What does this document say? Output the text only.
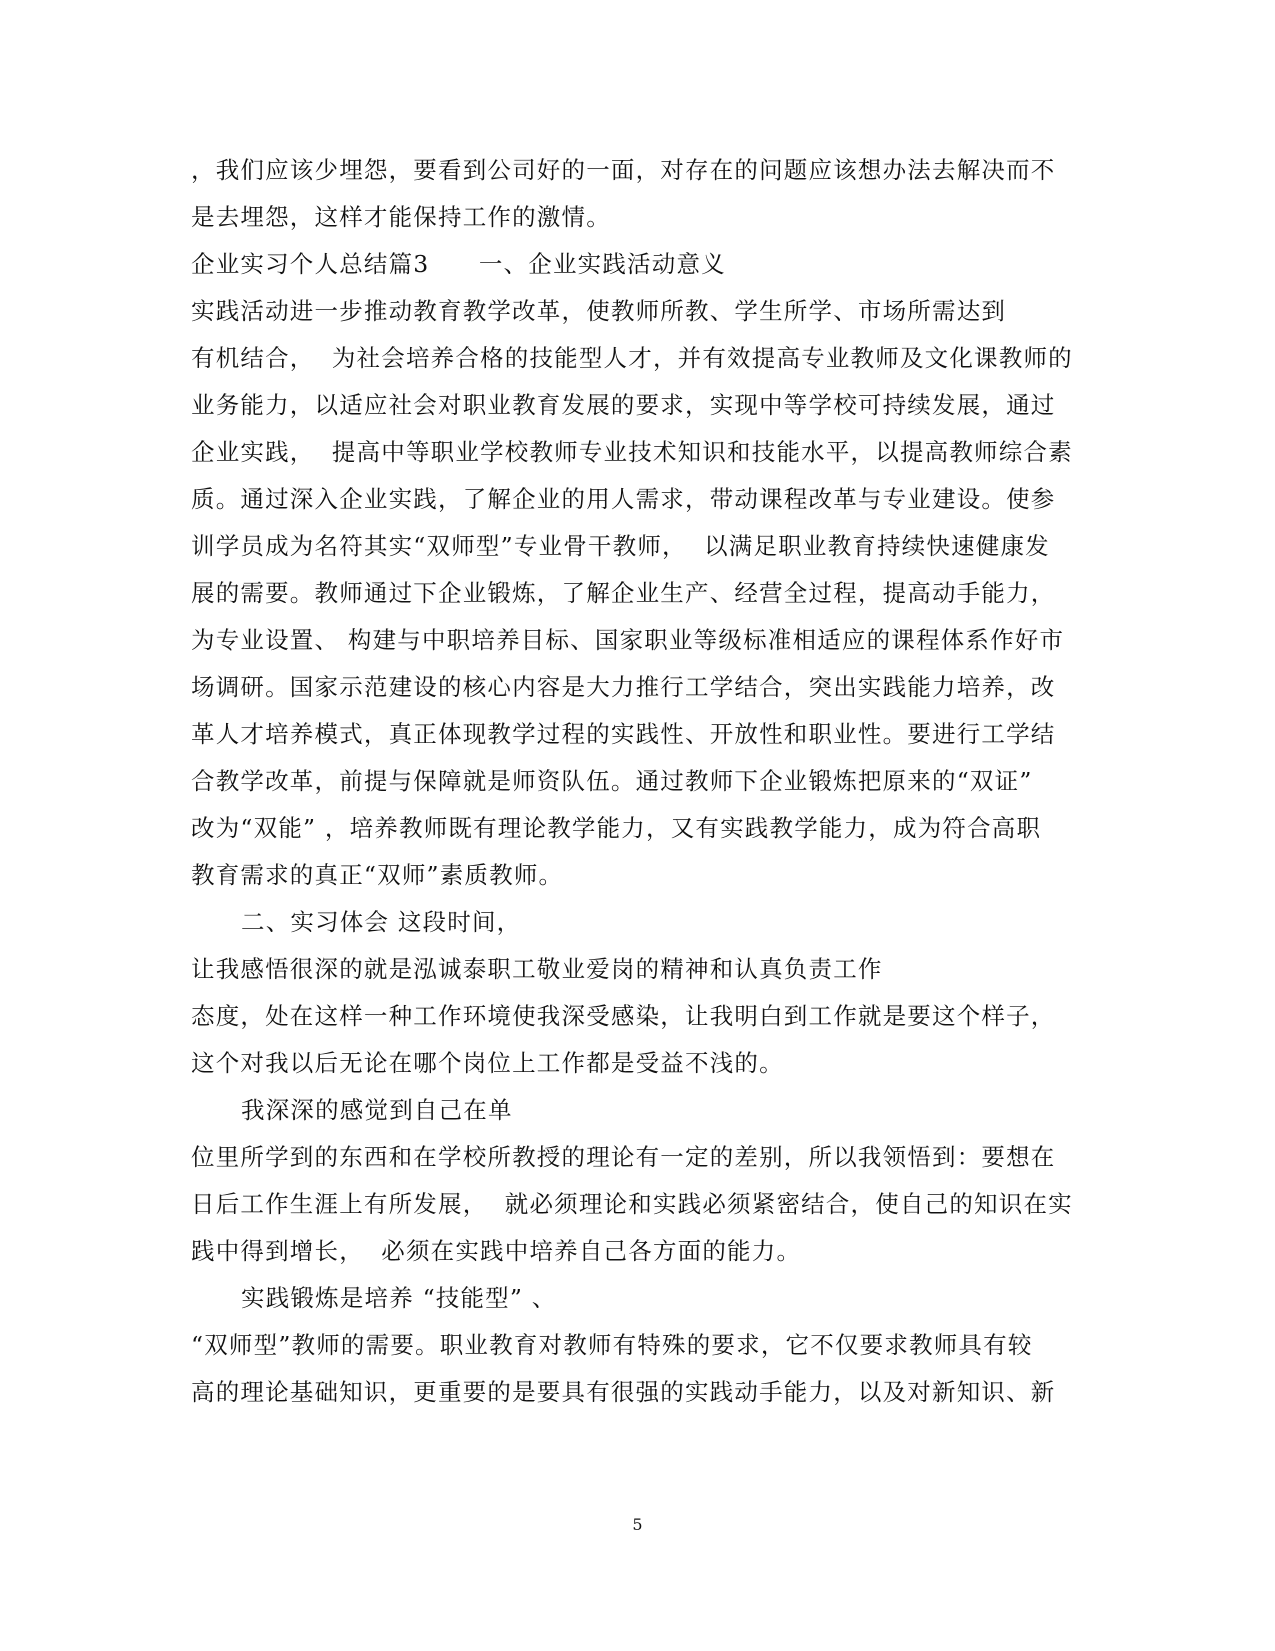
，我们应该少埋怨，要看到公司好的一面，对存在的问题应该想办法去解决而不
是去埋怨，这样才能保持工作的激情。
企业实习个人总结篇3　　一、企业实践活动意义
实践活动进一步推动教育教学改革，使教师所教、学生所学、市场所需达到
有机结合，  为社会培养合格的技能型人才，并有效提高专业教师及文化课教师的
业务能力，以适应社会对职业教育发展的要求，实现中等学校可持续发展，通过
企业实践，  提高中等职业学校教师专业技术知识和技能水平，以提高教师综合素
质。通过深入企业实践，了解企业的用人需求，带动课程改革与专业建设。使参
训学员成为名符其实“双师型”专业骨干教师，  以满足职业教育持续快速健康发
展的需要。教师通过下企业锻炼，了解企业生产、经营全过程，提高动手能力，
为专业设置、 构建与中职培养目标、国家职业等级标准相适应的课程体系作好市
场调研。国家示范建设的核心内容是大力推行工学结合，突出实践能力培养，改
革人才培养模式，真正体现教学过程的实践性、开放性和职业性。要进行工学结
合教学改革，前提与保障就是师资队伍。通过教师下企业锻炼把原来的“双证”
改为“双能” ，培养教师既有理论教学能力，又有实践教学能力，成为符合高职
教育需求的真正“双师”素质教师。
二、实习体会 这段时间，
让我感悟很深的就是泓诚泰职工敬业爱岗的精神和认真负责工作
态度，处在这样一种工作环境使我深受感染，让我明白到工作就是要这个样子，
这个对我以后无论在哪个岗位上工作都是受益不浅的。
我深深的感觉到自己在单
位里所学到的东西和在学校所教授的理论有一定的差别，所以我领悟到：要想在
日后工作生涯上有所发展，  就必须理论和实践必须紧密结合，使自己的知识在实
践中得到增长，  必须在实践中培养自己各方面的能力。
实践锻炼是培养 “技能型” 、
“双师型”教师的需要。职业教育对教师有特殊的要求，它不仅要求教师具有较
高的理论基础知识，更重要的是要具有很强的实践动手能力，以及对新知识、新
5
